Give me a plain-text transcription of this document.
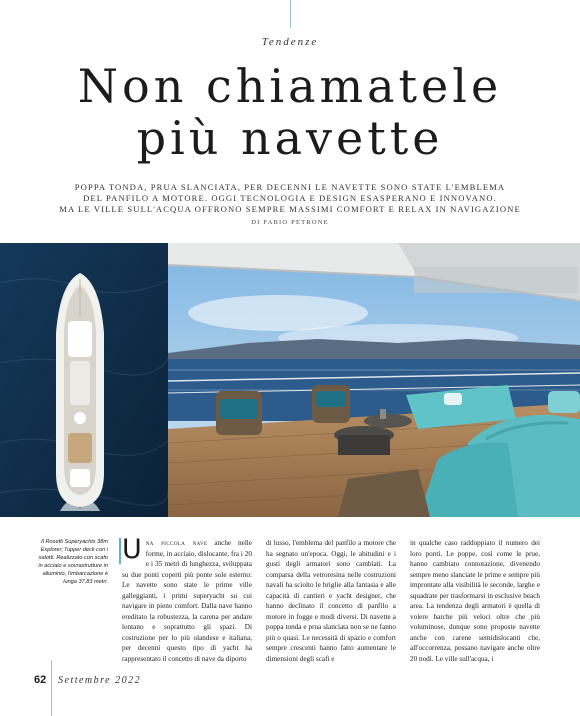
Tendenze
Non chiamatele
più navette
POPPA TONDA, PRUA SLANCIATA, PER DECENNI LE NAVETTE SONO STATE L'EMBLEMA
DEL PANFILO A MOTORE. OGGI TECNOLOGIA E DESIGN ESASPERANO E INNOVANO.
MA LE VILLE SULL'ACQUA OFFRONO SEMPRE MASSIMI COMFORT E RELAX IN NAVIGAZIONE
DI FABIO PETRONE
Il Rosetti Superyachts 38m Explorer; l'upper deck con i salotti. Realizzato con scafo in acciaio e sovrastrutture in alluminio, l'imbarcazione è lunga 37,83 metri.
Una piccola nave anche nelle forme, in acciaio, dislocante, fra i 20 e i 35 metri di lunghezza, sviluppata su due ponti coperti più ponte sole esterno: Le navette sono state le prime ville galleggianti, i primi superyacht su cui navigare in pieno comfort. Dalla nave hanno ereditato la robustezza, la carena per andare lontano e soprattutto gli spazi. Di costruzione per lo più olandese e italiana, per decenni questo tipo di yacht ha rappresentato il concetto di nave da diporto
di lusso, l'emblema del panfilo a motore che ha segnato un'epoca. Oggi, le abitudini e i gusti degli armatori sono cambiati. La comparsa della vetroresina nelle costruzioni navali ha sciolto le briglie alla fantasia e alle capacità di cantieri e yacht designer, che hanno declinato il concetto di panfilo a motore in fogge e modi diversi. Di navette a poppa tonda e prua slanciata non se ne fanno più o quasi. Le necessità di spazio e comfort sempre crescenti hanno fatto aumentare le dimensioni degli scafi e
in qualche caso raddoppiato il numero dei loro ponti. Le poppe, così come le prue, hanno cambiato connotazione, divenendo sempre meno slanciate le prime e sempre più improntate alla visibilità le seconde, larghe e squadrate per trasformarsi in esclusive beach area. La tendenza degli armatori è quella di volere barche più veloci oltre che più voluminose, dunque sono proposte navette anche con carene semidislocanti che, all'occorrenza, possano navigare anche oltre 20 nodi. Le ville sull'acqua, i
62 Settembre 2022
